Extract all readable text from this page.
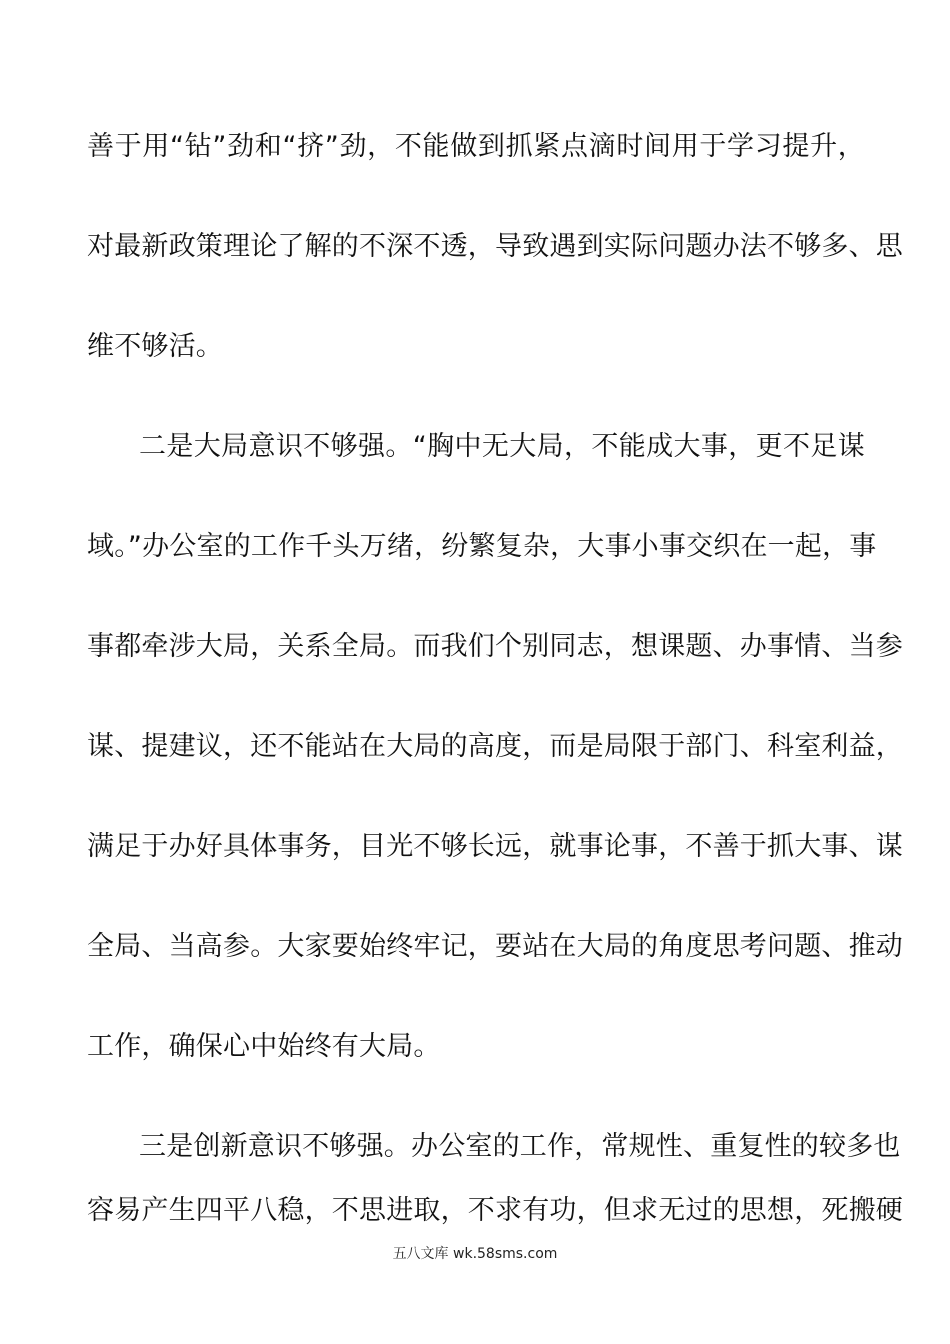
善于用“钻”劲和“挤”劲，不能做到抓紧点滴时间用于学习提升，
对最新政策理论了解的不深不透，导致遇到实际问题办法不够多、思
维不够活。
二是大局意识不够强。“胸中无大局，不能成大事，更不足谋
域。”办公室的工作千头万绪，纷繁复杂，大事小事交织在一起，事
事都牵涉大局，关系全局。而我们个别同志，想课题、办事情、当参
谋、提建议，还不能站在大局的高度，而是局限于部门、科室利益，
满足于办好具体事务，目光不够长远，就事论事，不善于抓大事、谋
全局、当高参。大家要始终牢记，要站在大局的角度思考问题、推动
工作，确保心中始终有大局。
三是创新意识不够强。办公室的工作，常规性、重复性的较多也
容易产生四平八稳，不思进取，不求有功，但求无过的思想，死搬硬
五八文库 wk.58sms.com
